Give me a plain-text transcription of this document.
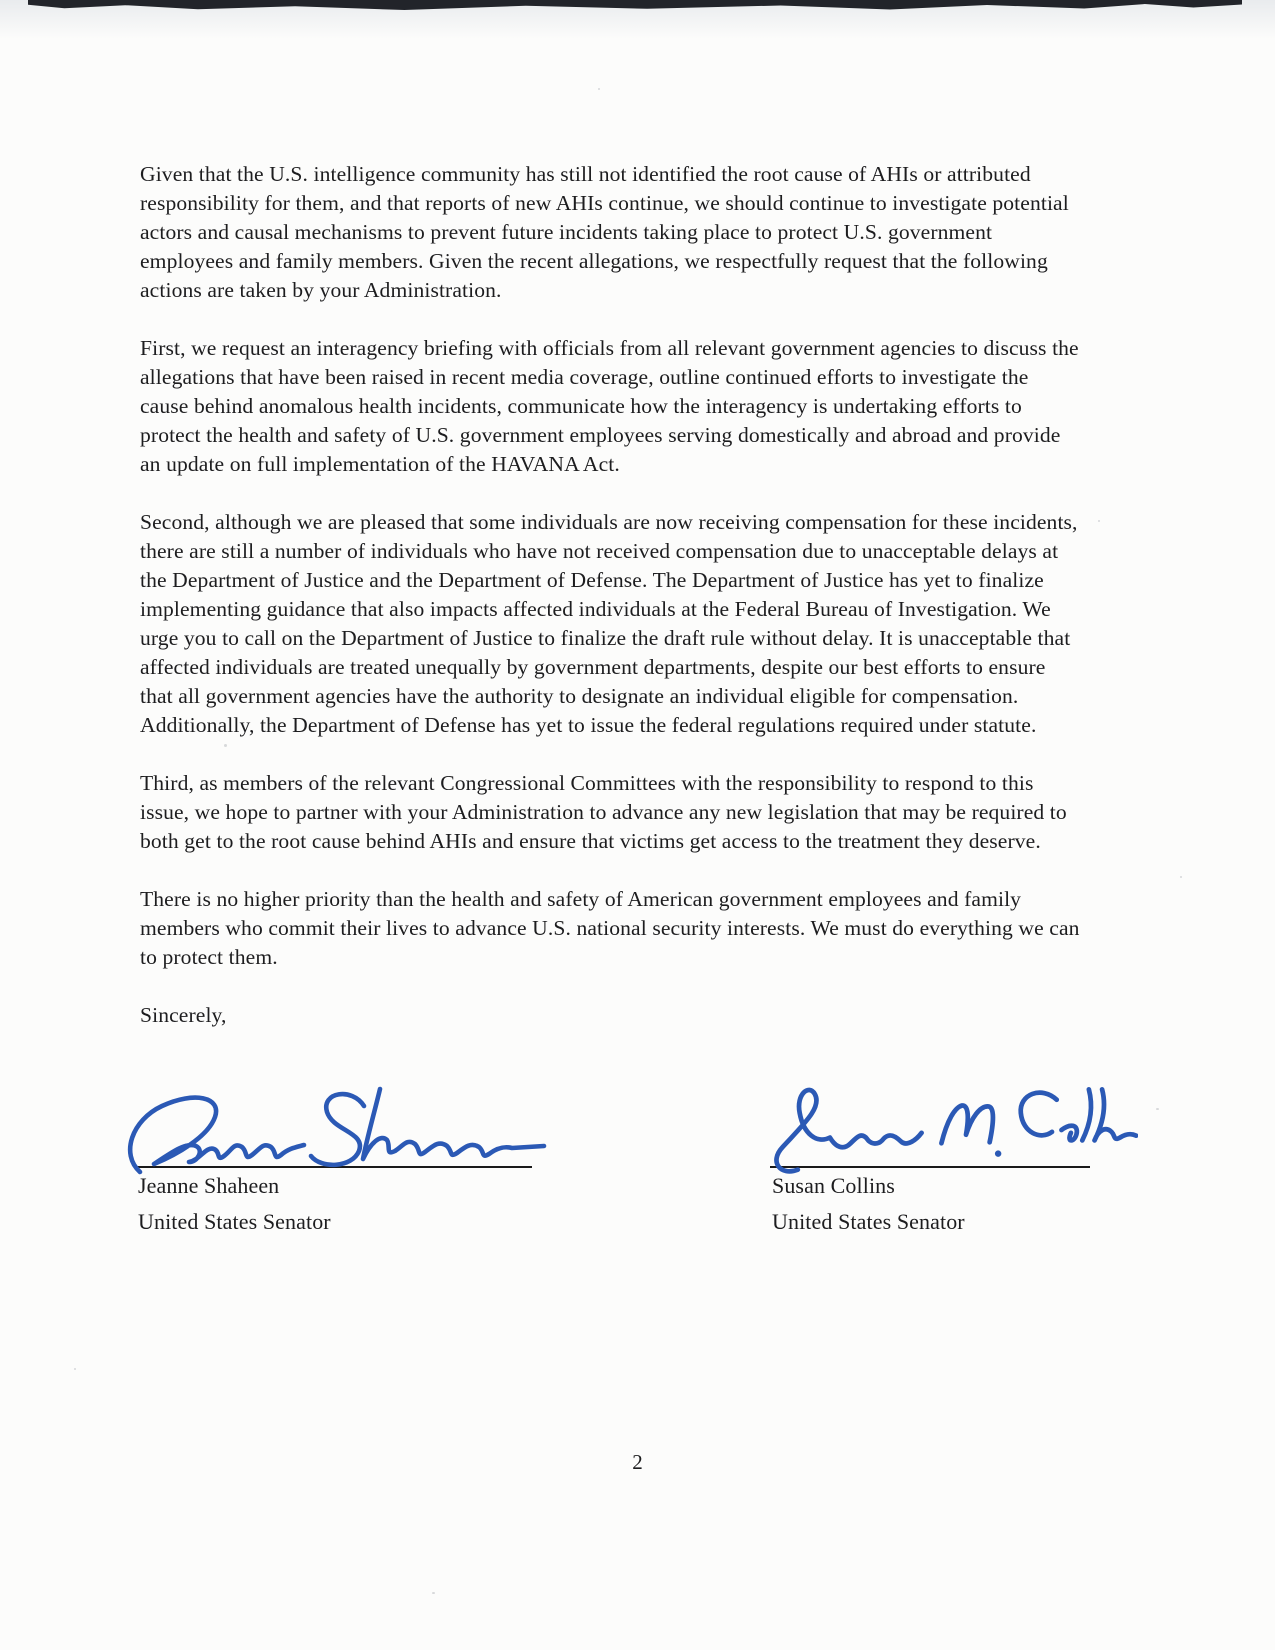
Given that the U.S. intelligence community has still not identified the root cause of AHIs or attributed responsibility for them, and that reports of new AHIs continue, we should continue to investigate potential actors and causal mechanisms to prevent future incidents taking place to protect U.S. government employees and family members. Given the recent allegations, we respectfully request that the following actions are taken by your Administration.

First, we request an interagency briefing with officials from all relevant government agencies to discuss the allegations that have been raised in recent media coverage, outline continued efforts to investigate the cause behind anomalous health incidents, communicate how the interagency is undertaking efforts to protect the health and safety of U.S. government employees serving domestically and abroad and provide an update on full implementation of the HAVANA Act.

Second, although we are pleased that some individuals are now receiving compensation for these incidents, there are still a number of individuals who have not received compensation due to unacceptable delays at the Department of Justice and the Department of Defense. The Department of Justice has yet to finalize implementing guidance that also impacts affected individuals at the Federal Bureau of Investigation. We urge you to call on the Department of Justice to finalize the draft rule without delay. It is unacceptable that affected individuals are treated unequally by government departments, despite our best efforts to ensure that all government agencies have the authority to designate an individual eligible for compensation. Additionally, the Department of Defense has yet to issue the federal regulations required under statute.

Third, as members of the relevant Congressional Committees with the responsibility to respond to this issue, we hope to partner with your Administration to advance any new legislation that may be required to both get to the root cause behind AHIs and ensure that victims get access to the treatment they deserve.

There is no higher priority than the health and safety of American government employees and family members who commit their lives to advance U.S. national security interests. We must do everything we can to protect them.

Sincerely,

Jeanne Shaheen
United States Senator
Susan Collins
United States Senator
2
